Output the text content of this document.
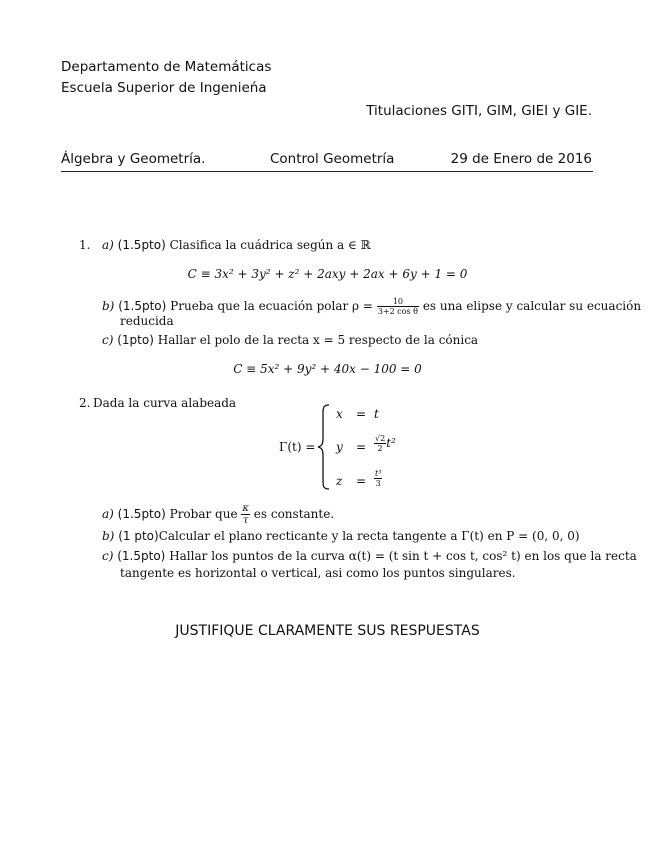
Departamento de Matemáticas
Escuela Superior de Ingenieńa
Titulaciones GITI, GIM, GIEI y GIE.
Álgebra y Geometría.	Control Geometría	29 de Enero de 2016
1. a) (1.5pto) Clasifica la cuádrica según a ∈ ℝ
C ≡ 3x² + 3y² + z² + 2axy + 2ax + 6y + 1 = 0
b) (1.5pto) Prueba que la ecuación polar $\rho = \frac{10}{\text{3+2 cos θ}}$ es una elipse y calcular su ecuación
reducida
c) (1pto) Hallar el polo de la recta x = 5 respecto de la cónica
C ≡ 5x² + 9y² + 40x − 100 = 0
2. Dada la curva alabeada
Γ(t) =
x = t
$y = \frac{√2}{2} t^2$
$z = \frac{\text{t³}}{3}$
a) (1.5pto) Probar que $\frac{\kappa}{\tau}$ es constante.
b) (1 pto)Calcular el plano recticante y la recta tangente a Γ(t) en P = (0, 0, 0)
c) (1.5pto) Hallar los puntos de la curva α(t) = (t sin t + cos t, cos² t) en los que la recta
tangente es horizontal o vertical, asi como los puntos singulares.
JUSTIFIQUE CLARAMENTE SUS RESPUESTAS
